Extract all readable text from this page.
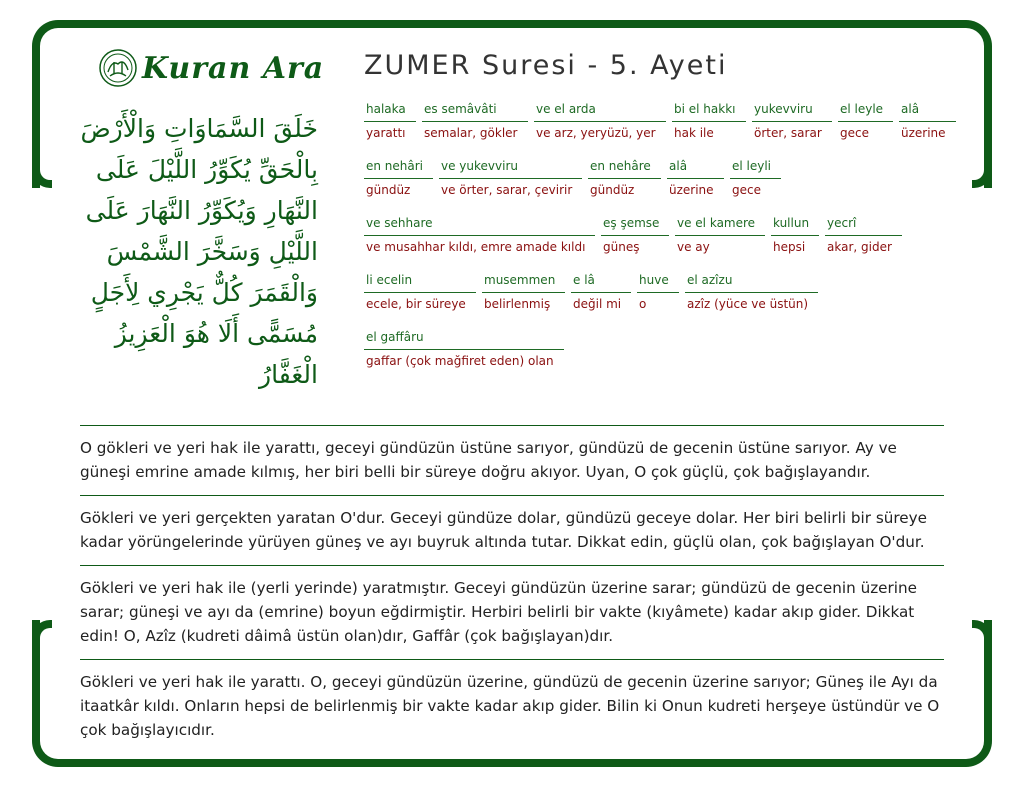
Kuran Ara
خَلَقَ السَّمَاوَاتِ وَالْأَرْضَ
بِالْحَقِّ يُكَوِّرُ اللَّيْلَ عَلَى
النَّهَارِ وَيُكَوِّرُ النَّهَارَ عَلَى
اللَّيْلِ وَسَخَّرَ الشَّمْسَ
وَالْقَمَرَ كُلٌّ يَجْرِي لِأَجَلٍ
مُسَمًّى أَلَا هُوَ الْعَزِيزُ
الْغَفَّارُ
ZUMER Suresi - 5. Ayeti
halaka
yarattı
es semâvâti
semalar, gökler
ve el arda
ve arz, yeryüzü, yer
bi el hakkı
hak ile
yukevviru
örter, sarar
el leyle
gece
alâ
üzerine
en nehâri
gündüz
ve yukevviru
ve örter, sarar, çevirir
en nehâre
gündüz
alâ
üzerine
el leyli
gece
ve sehhare
ve musahhar kıldı, emre amade kıldı
eş şemse
güneş
ve el kamere
ve ay
kullun
hepsi
yecrî
akar, gider
li ecelin
ecele, bir süreye
musemmen
belirlenmiş
e lâ
değil mi
huve
o
el azîzu
azîz (yüce ve üstün)
el gaffâru
gaffar (çok mağfiret eden) olan
O gökleri ve yeri hak ile yarattı, geceyi gündüzün üstüne sarıyor, gündüzü de gecenin üstüne sarıyor. Ay ve güneşi emrine amade kılmış, her biri belli bir süreye doğru akıyor. Uyan, O çok güçlü, çok bağışlayandır.
Gökleri ve yeri gerçekten yaratan O'dur. Geceyi gündüze dolar, gündüzü geceye dolar. Her biri belirli bir süreye kadar yörüngelerinde yürüyen güneş ve ayı buyruk altında tutar. Dikkat edin, güçlü olan, çok bağışlayan O'dur.
Gökleri ve yeri hak ile (yerli yerinde) yaratmıştır. Geceyi gündüzün üzerine sarar; gündüzü de gecenin üzerine sarar; güneşi ve ayı da (emrine) boyun eğdirmiştir. Herbiri belirli bir vakte (kıyâmete) kadar akıp gider. Dikkat edin! O, Azîz (kudreti dâimâ üstün olan)dır, Gaffâr (çok bağışlayan)dır.
Gökleri ve yeri hak ile yarattı. O, geceyi gündüzün üzerine, gündüzü de gecenin üzerine sarıyor; Güneş ile Ayı da itaatkâr kıldı. Onların hepsi de belirlenmiş bir vakte kadar akıp gider. Bilin ki Onun kudreti herşeye üstündür ve O çok bağışlayıcıdır.
